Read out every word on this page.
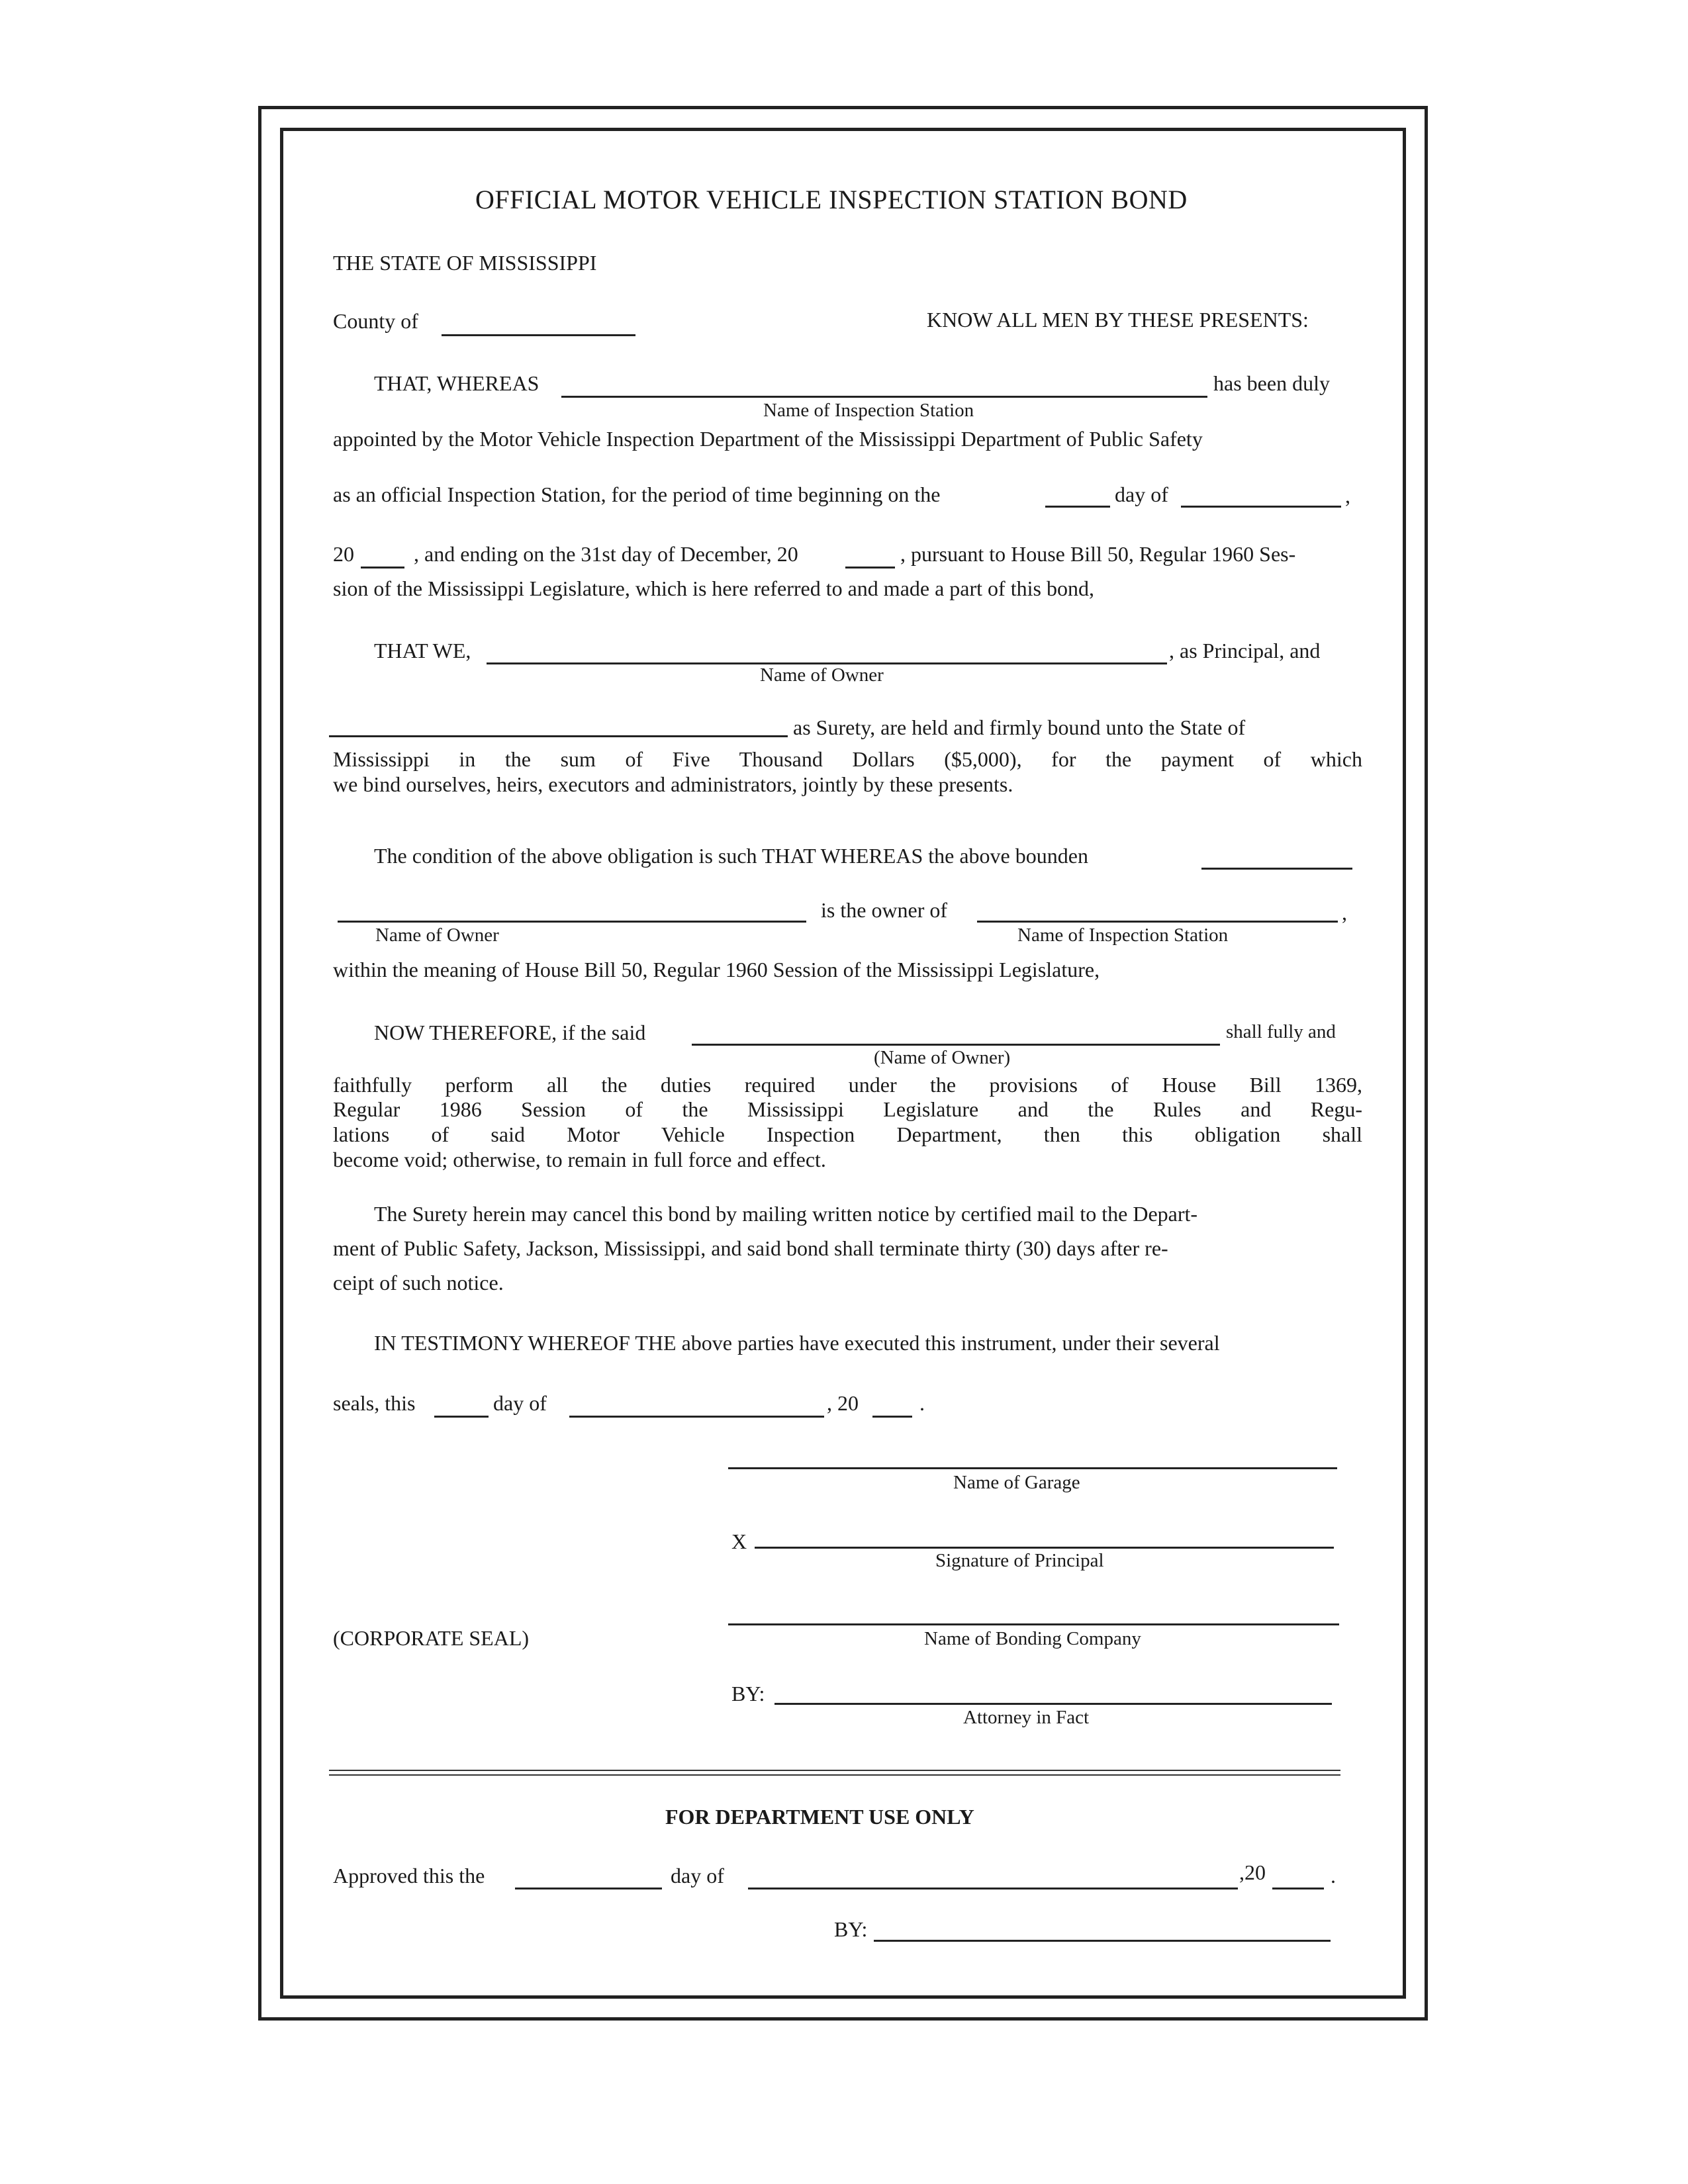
OFFICIAL MOTOR VEHICLE INSPECTION STATION BOND
THE STATE OF MISSISSIPPI
County of	KNOW ALL MEN BY THESE PRESENTS:
THAT, WHEREAS	has been duly
Name of Inspection Station
appointed by the Motor Vehicle Inspection Department of the Mississippi Department of Public Safety
as an official Inspection Station, for the period of time beginning on the	day of	,
20	, and ending on the 31st day of December, 20	, pursuant to House Bill 50, Regular 1960 Ses-
sion of the Mississippi Legislature, which is here referred to and made a part of this bond,
THAT WE,	, as Principal, and
Name of Owner
as Surety, are held and firmly bound unto the State of
Mississippi in the sum of Five Thousand Dollars ($5,000), for the payment of which
we bind ourselves, heirs, executors and administrators, jointly by these presents.
The condition of the above obligation is such THAT WHEREAS the above bounden
is the owner of	,
Name of Owner	Name of Inspection Station
within the meaning of House Bill 50, Regular 1960 Session of the Mississippi Legislature,
NOW THEREFORE, if the said	shall fully and
(Name of Owner)
faithfully perform all the duties required under the provisions of House Bill 1369,
Regular 1986 Session of the Mississippi Legislature and the Rules and Regu-
lations of said Motor Vehicle Inspection Department, then this obligation shall
become void; otherwise, to remain in full force and effect.
The Surety herein may cancel this bond by mailing written notice by certified mail to the Depart-
ment of Public Safety, Jackson, Mississippi, and said bond shall terminate thirty (30) days after re-
ceipt of such notice.
IN TESTIMONY WHEREOF THE above parties have executed this instrument, under their several
seals, this	day of	, 20	.
Name of Garage
X
Signature of Principal
(CORPORATE SEAL)	Name of Bonding Company
BY:
Attorney in Fact
FOR DEPARTMENT USE ONLY
Approved this the	day of	,20	.
BY:
